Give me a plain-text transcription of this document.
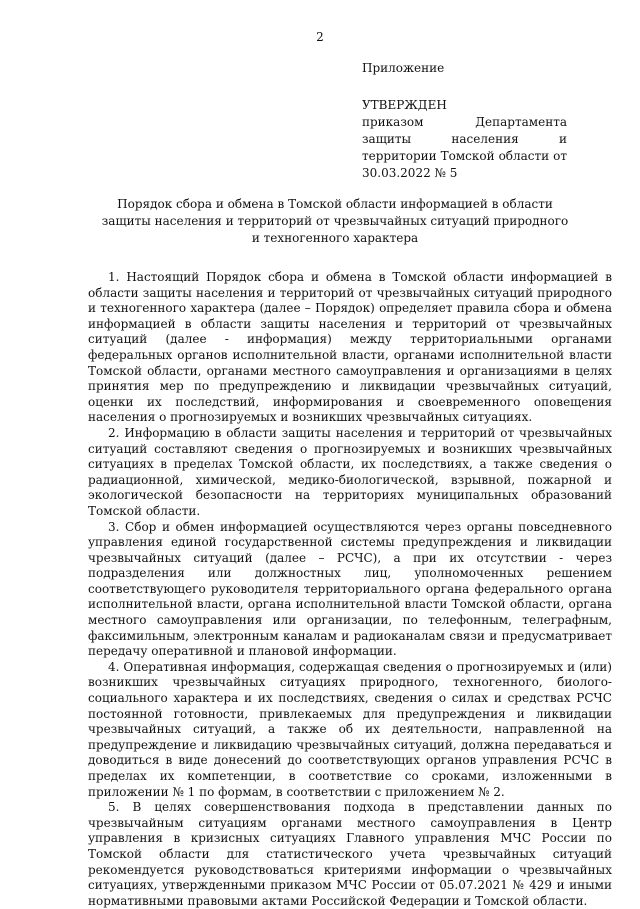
2

Приложение

УТВЕРЖДЕН

приказом Департамента защиты населения и территории Томской области от 30.03.2022 № 5

Порядок сбора и обмена в Томской области информацией в области защиты населения и территорий от чрезвычайных ситуаций природного и техногенного характера

1. Настоящий Порядок сбора и обмена в Томской области информацией в области защиты населения и территорий от чрезвычайных ситуаций природного и техногенного характера (далее – Порядок) определяет правила сбора и обмена информацией в области защиты населения и территорий от чрезвычайных ситуаций (далее - информация) между территориальными органами федеральных органов исполнительной власти, органами исполнительной власти Томской области, органами местного самоуправления и организациями в целях принятия мер по предупреждению и ликвидации чрезвычайных ситуаций, оценки их последствий, информирования и своевременного оповещения населения о прогнозируемых и возникших чрезвычайных ситуациях.

2. Информацию в области защиты населения и территорий от чрезвычайных ситуаций составляют сведения о прогнозируемых и возникших чрезвычайных ситуациях в пределах Томской области, их последствиях, а также сведения о радиационной, химической, медико-биологической, взрывной, пожарной и экологической безопасности на территориях муниципальных образований Томской области.

3. Сбор и обмен информацией осуществляются через органы повседневного управления единой государственной системы предупреждения и ликвидации чрезвычайных ситуаций (далее – РСЧС), а при их отсутствии - через подразделения или должностных лиц, уполномоченных решением соответствующего руководителя территориального органа федерального органа исполнительной власти, органа исполнительной власти Томской области, органа местного самоуправления или организации, по телефонным, телеграфным, факсимильным, электронным каналам и радиоканалам связи и предусматривает передачу оперативной и плановой информации.

4. Оперативная информация, содержащая сведения о прогнозируемых и (или) возникших чрезвычайных ситуациях природного, техногенного, биолого-социального характера и их последствиях, сведения о силах и средствах РСЧС постоянной готовности, привлекаемых для предупреждения и ликвидации чрезвычайных ситуаций, а также об их деятельности, направленной на предупреждение и ликвидацию чрезвычайных ситуаций, должна передаваться и доводиться в виде донесений до соответствующих органов управления РСЧС в пределах их компетенции, в соответствие со сроками, изложенными в приложении № 1 по формам, в соответствии с приложением № 2.

5. В целях совершенствования подхода в представлении данных по чрезвычайным ситуациям органами местного самоуправления в Центр управления в кризисных ситуациях Главного управления МЧС России по Томской области для статистического учета чрезвычайных ситуаций рекомендуется руководствоваться критериями информации о чрезвычайных ситуациях, утвержденными приказом МЧС России от 05.07.2021 № 429 и иными нормативными правовыми актами Российской Федерации и Томской области.
